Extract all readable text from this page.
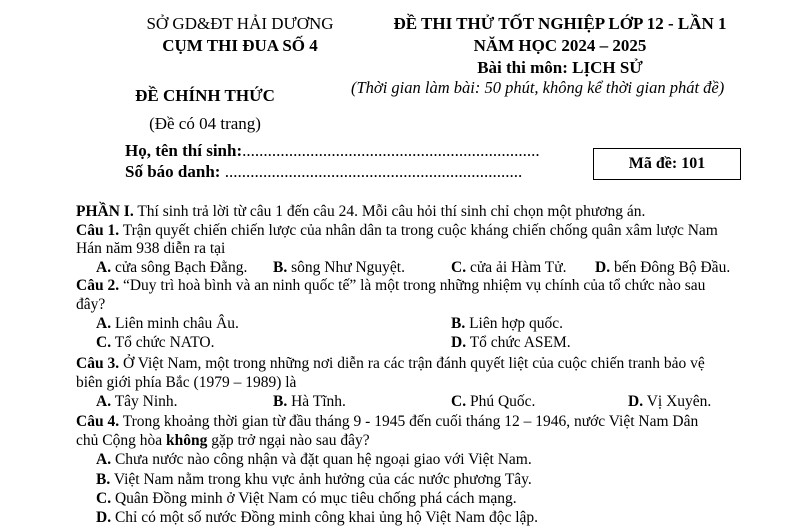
SỞ GD&ĐT HẢI DƯƠNG
CỤM THI ĐUA SỐ 4
ĐỀ CHÍNH THỨC
(Đề có 04 trang)
ĐỀ THI THỬ TỐT NGHIỆP LỚP 12 - LẦN 1
NĂM HỌC 2024 – 2025
Bài thi môn: LỊCH SỬ
(Thời gian làm bài: 50 phút, không kể thời gian phát đề)
Họ, tên thí sinh:......................................................................
Số báo danh: ......................................................................	Mã đề: 101
PHẦN I. Thí sinh trả lời từ câu 1 đến câu 24. Mỗi câu hỏi thí sinh chỉ chọn một phương án.
Câu 1. Trận quyết chiến chiến lược của nhân dân ta trong cuộc kháng chiến chống quân xâm lược Nam
Hán năm 938 diễn ra tại
A. cửa sông Bạch Đằng. B. sông Như Nguyệt.	C. cửa ải Hàm Tử. D. bến Đông Bộ Đầu.
Câu 2. “Duy trì hoà bình và an ninh quốc tế” là một trong những nhiệm vụ chính của tổ chức nào sau
đây?
A. Liên minh châu Âu.	B. Liên hợp quốc.
C. Tổ chức NATO.	D. Tổ chức ASEM.
Câu 3. Ở Việt Nam, một trong những nơi diễn ra các trận đánh quyết liệt của cuộc chiến tranh bảo vệ
biên giới phía Bắc (1979 – 1989) là
A. Tây Ninh.	B. Hà Tĩnh.	C. Phú Quốc.	D. Vị Xuyên.
Câu 4. Trong khoảng thời gian từ đầu tháng 9 - 1945 đến cuối tháng 12 – 1946, nước Việt Nam Dân
chủ Cộng hòa không gặp trở ngại nào sau đây?
A. Chưa nước nào công nhận và đặt quan hệ ngoại giao với Việt Nam.
B. Việt Nam nằm trong khu vực ảnh hưởng của các nước phương Tây.
C. Quân Đồng minh ở Việt Nam có mục tiêu chống phá cách mạng.
D. Chỉ có một số nước Đồng minh công khai ủng hộ Việt Nam độc lập.
